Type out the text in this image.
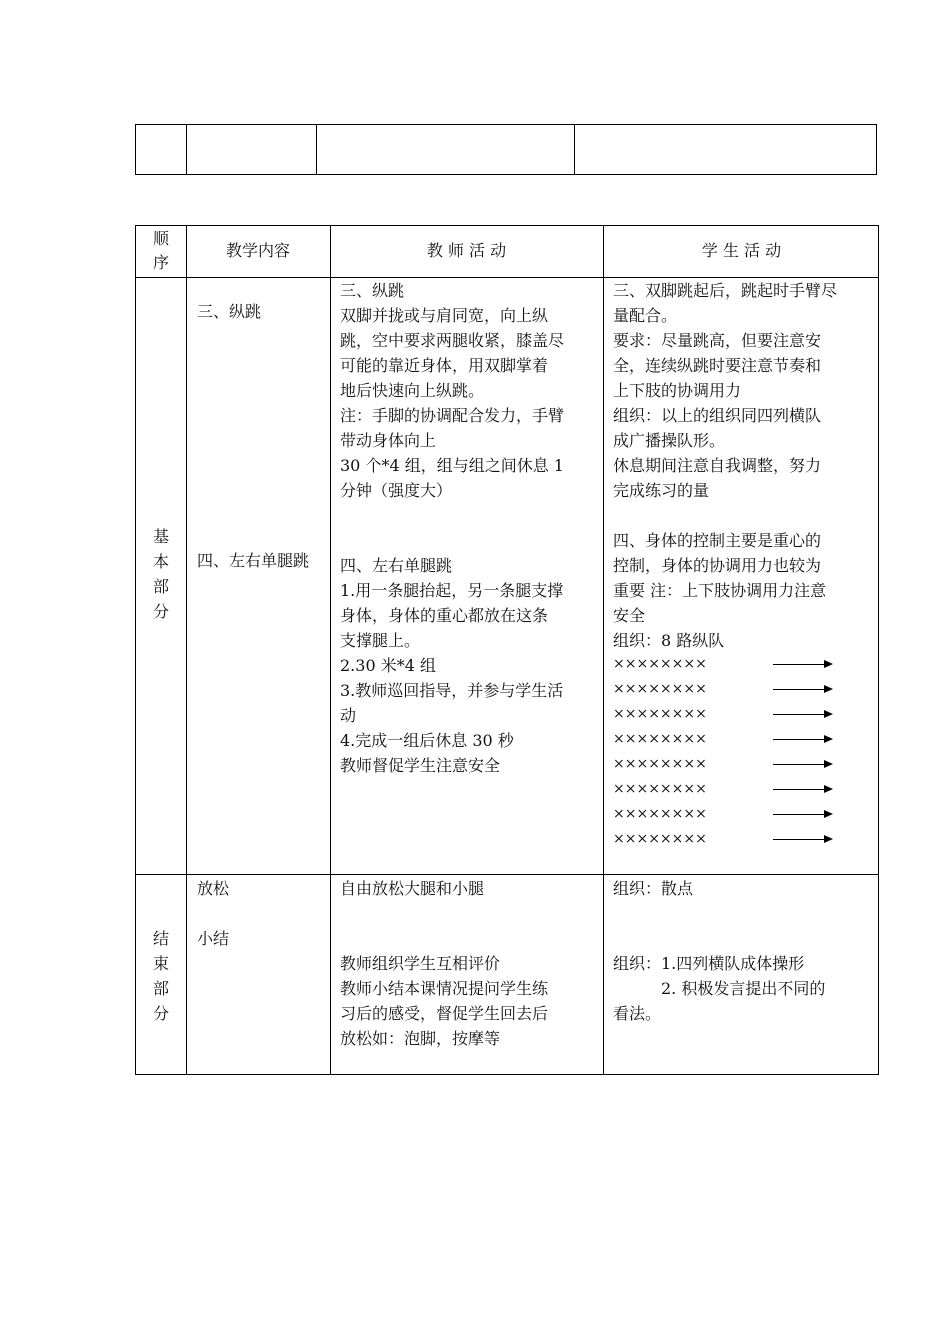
顺
序
教学内容	教 师 活 动	学 生 活 动
基
本
部
分
三、纵跳
四、左右单腿跳
三、纵跳
双脚并拢或与肩同宽，向上纵
跳，空中要求两腿收紧，膝盖尽
可能的靠近身体，用双脚掌着
地后快速向上纵跳。
注：手脚的协调配合发力，手臂
带动身体向上
30 个*4 组，组与组之间休息 1
分钟（强度大）
四、左右单腿跳
1.用一条腿抬起，另一条腿支撑
身体，身体的重心都放在这条
支撑腿上。
2.30 米*4 组
3.教师巡回指导，并参与学生活
动
4.完成一组后休息 30 秒
教师督促学生注意安全
三、双脚跳起后，跳起时手臂尽
量配合。
要求：尽量跳高，但要注意安
全，连续纵跳时要注意节奏和
上下肢的协调用力
组织：以上的组织同四列横队
成广播操队形。
休息期间注意自我调整，努力
完成练习的量
四、身体的控制主要是重心的
控制，身体的协调用力也较为
重要 注：上下肢协调用力注意
安全
组织：8 路纵队
××××××××
××××××××
××××××××
××××××××
××××××××
××××××××
××××××××
××××××××
结
束
部
分
放松
小结
自由放松大腿和小腿
教师组织学生互相评价
教师小结本课情况提问学生练
习后的感受，督促学生回去后
放松如：泡脚，按摩等
组织：散点
组织：1.四列横队成体操形
　　　2. 积极发言提出不同的
看法。
